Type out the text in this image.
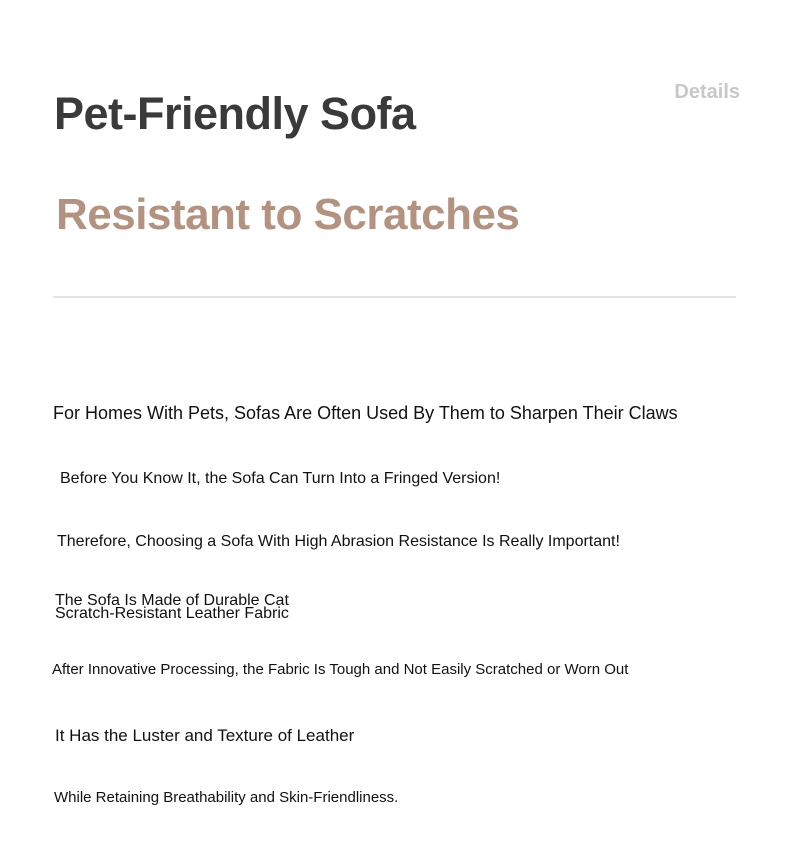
Details
Pet-Friendly Sofa
Resistant to Scratches
For Homes With Pets, Sofas Are Often Used By Them to Sharpen Their Claws
Before You Know It, the Sofa Can Turn Into a Fringed Version!
Therefore, Choosing a Sofa With High Abrasion Resistance Is Really Important!
The Sofa Is Made of Durable Cat
Scratch-Resistant Leather Fabric
After Innovative Processing, the Fabric Is Tough and Not Easily Scratched or Worn Out
It Has the Luster and Texture of Leather
While Retaining Breathability and Skin-Friendliness.
